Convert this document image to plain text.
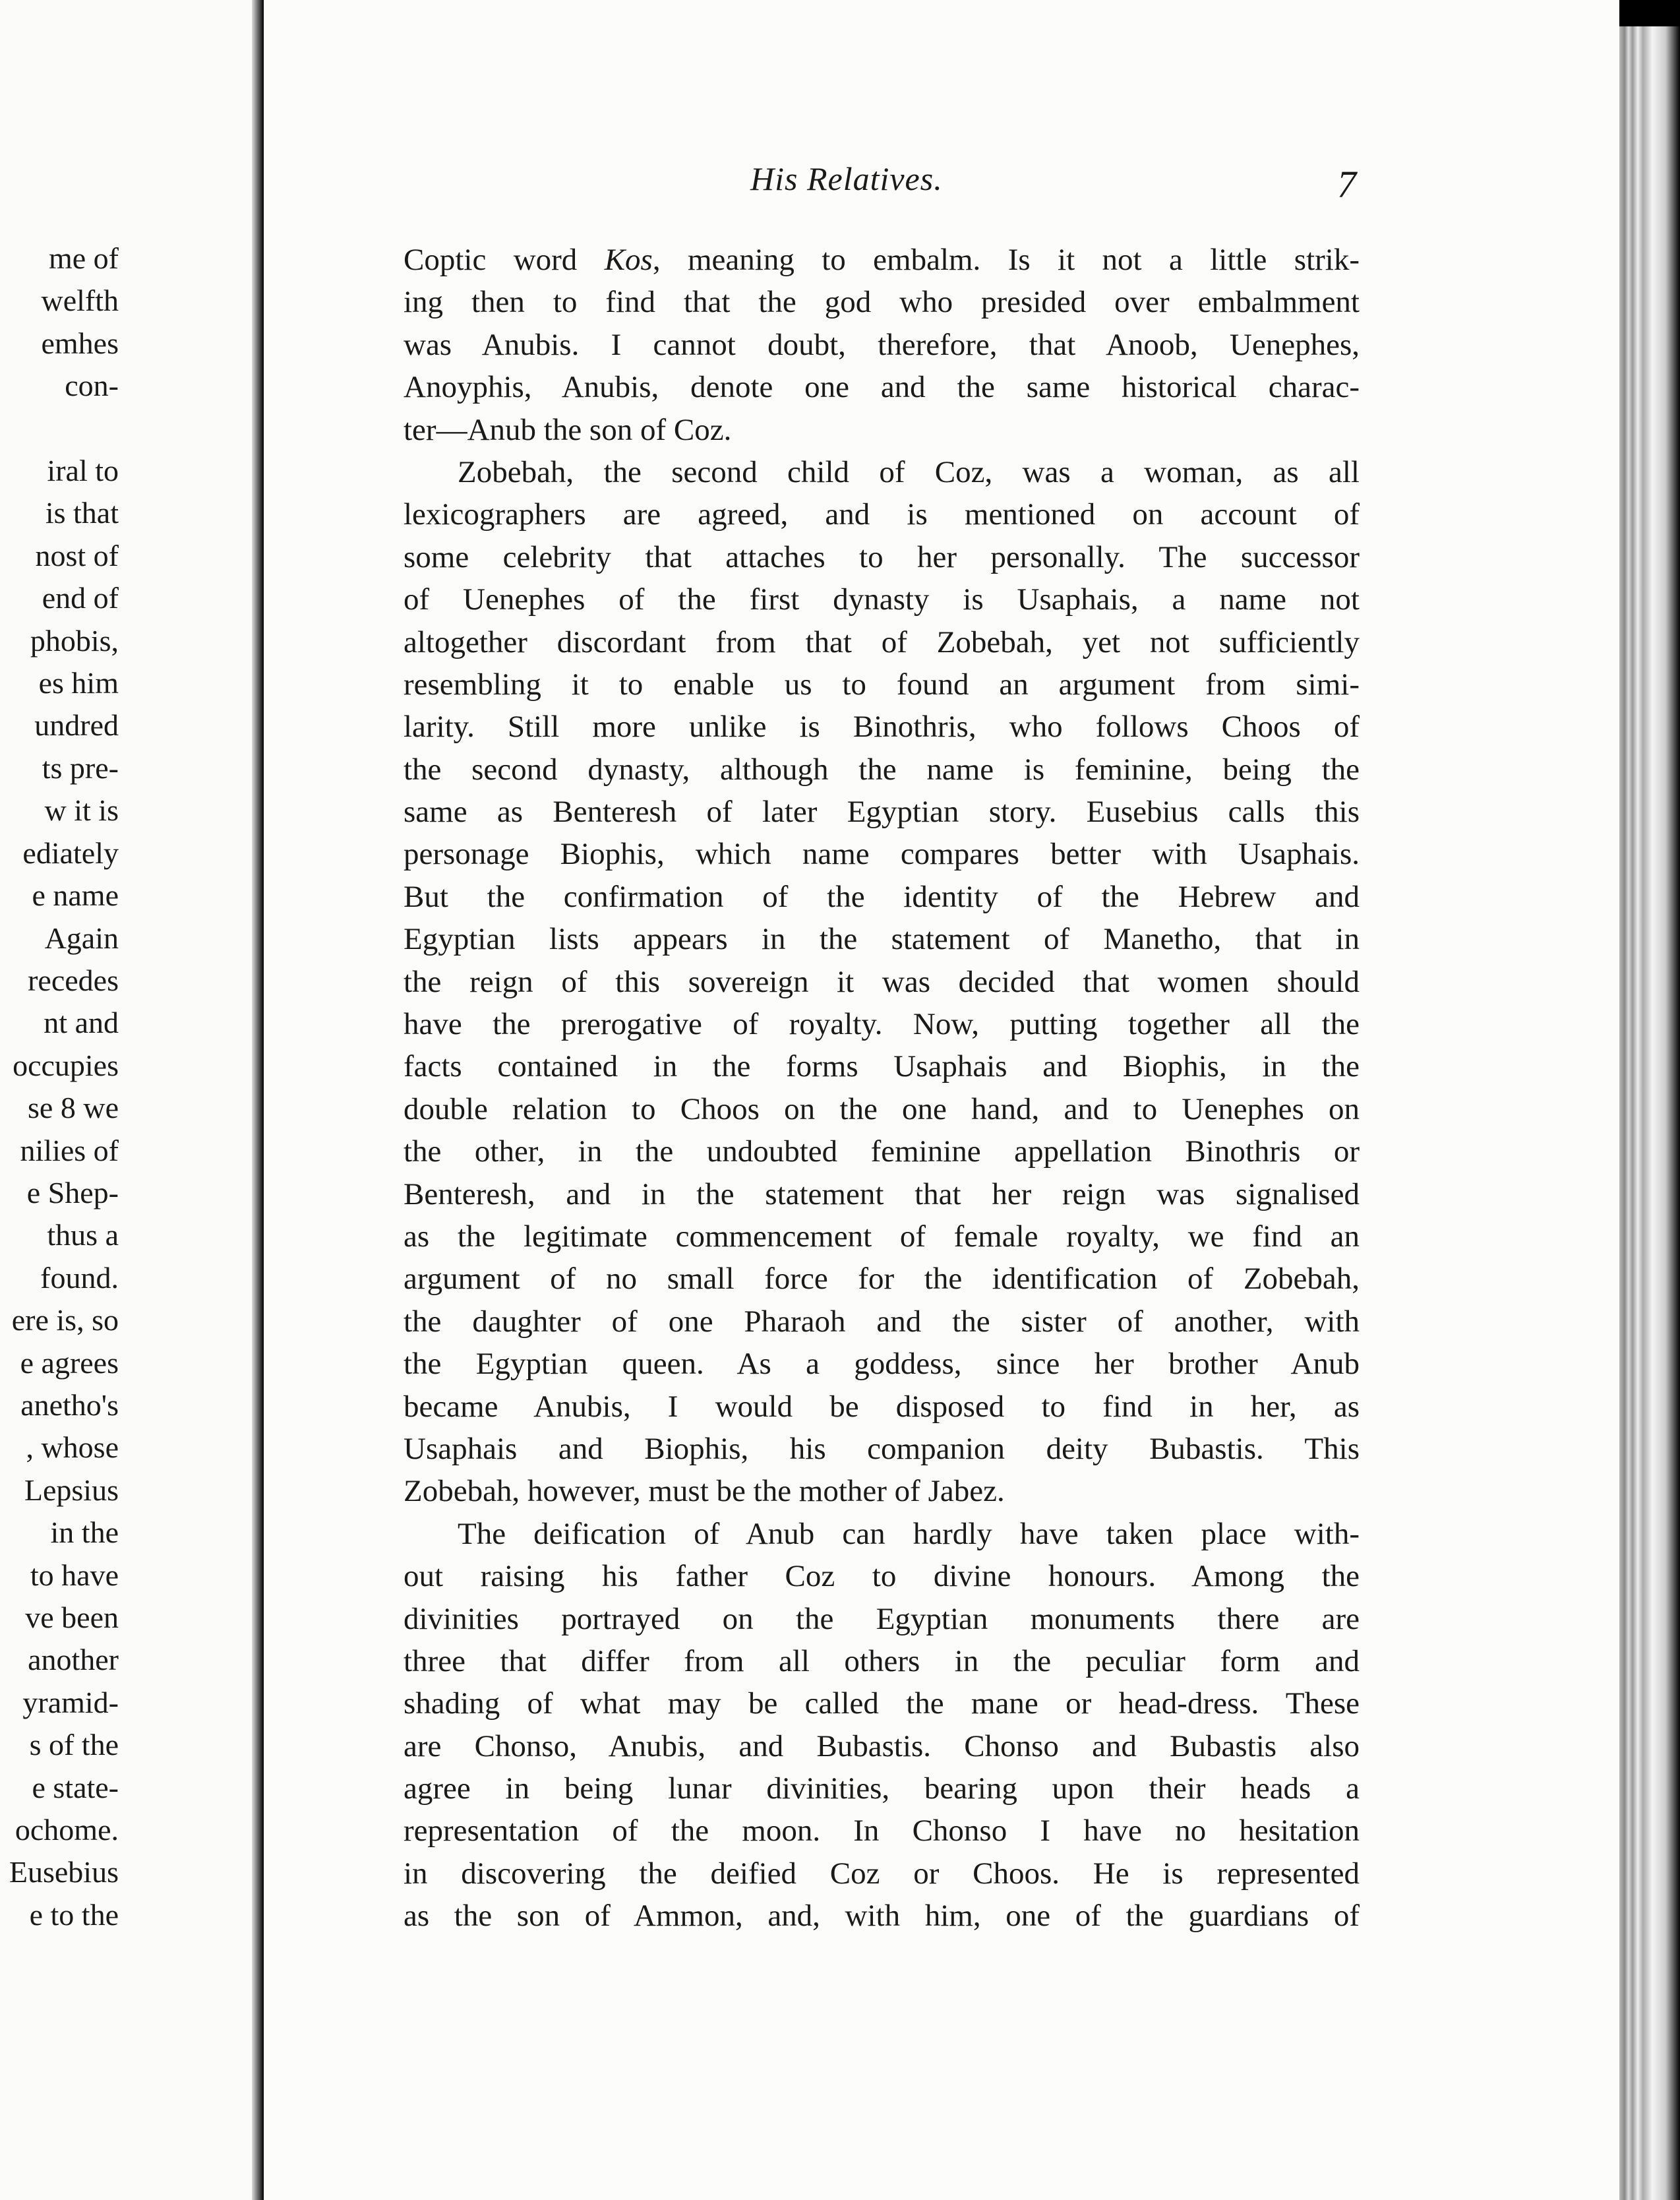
me of
welfth
emhes
con-

iral to
is that
nost of
end of
phobis,
es him
undred
ts pre-
w it is
ediately
e name
Again
recedes
nt and
occupies
se 8 we
nilies of
e Shep-
thus a
found.
ere is, so
e agrees
anetho's
, whose
Lepsius
in the
to have
ve been
another
yramid-
s of the
e state-
ochome.
Eusebius
e to the
His Relatives.	7
Coptic word Kos, meaning to embalm. Is it not a little strik-
ing then to find that the god who presided over embalmment
was Anubis. I cannot doubt, therefore, that Anoob, Uenephes,
Anoyphis, Anubis, denote one and the same historical charac-
ter—Anub the son of Coz.
Zobebah, the second child of Coz, was a woman, as all
lexicographers are agreed, and is mentioned on account of
some celebrity that attaches to her personally. The successor
of Uenephes of the first dynasty is Usaphais, a name not
altogether discordant from that of Zobebah, yet not sufficiently
resembling it to enable us to found an argument from simi-
larity. Still more unlike is Binothris, who follows Choos of
the second dynasty, although the name is feminine, being the
same as Benteresh of later Egyptian story. Eusebius calls this
personage Biophis, which name compares better with Usaphais.
But the confirmation of the identity of the Hebrew and
Egyptian lists appears in the statement of Manetho, that in
the reign of this sovereign it was decided that women should
have the prerogative of royalty. Now, putting together all the
facts contained in the forms Usaphais and Biophis, in the
double relation to Choos on the one hand, and to Uenephes on
the other, in the undoubted feminine appellation Binothris or
Benteresh, and in the statement that her reign was signalised
as the legitimate commencement of female royalty, we find an
argument of no small force for the identification of Zobebah,
the daughter of one Pharaoh and the sister of another, with
the Egyptian queen. As a goddess, since her brother Anub
became Anubis, I would be disposed to find in her, as
Usaphais and Biophis, his companion deity Bubastis. This
Zobebah, however, must be the mother of Jabez.
The deification of Anub can hardly have taken place with-
out raising his father Coz to divine honours. Among the
divinities portrayed on the Egyptian monuments there are
three that differ from all others in the peculiar form and
shading of what may be called the mane or head-dress. These
are Chonso, Anubis, and Bubastis. Chonso and Bubastis also
agree in being lunar divinities, bearing upon their heads a
representation of the moon. In Chonso I have no hesitation
in discovering the deified Coz or Choos. He is represented
as the son of Ammon, and, with him, one of the guardians of
